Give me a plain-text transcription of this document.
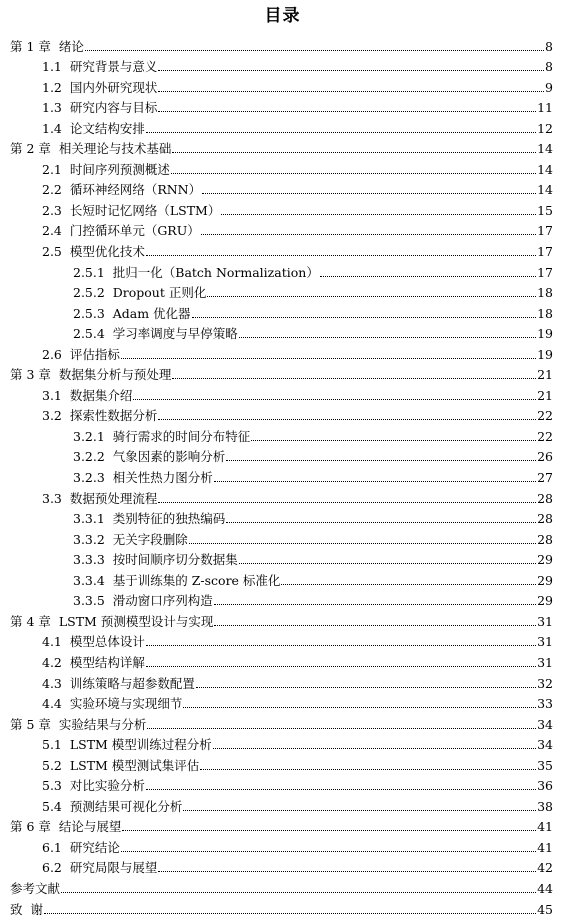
目录
第 1 章  绪论	8
1.1  研究背景与意义	8
1.2  国内外研究现状	9
1.3  研究内容与目标	11
1.4  论文结构安排	12
第 2 章  相关理论与技术基础	14
2.1  时间序列预测概述	14
2.2  循环神经网络（RNN）	14
2.3  长短时记忆网络（LSTM）	15
2.4  门控循环单元（GRU）	17
2.5  模型优化技术	17
2.5.1  批归一化（Batch Normalization）	17
2.5.2  Dropout 正则化	18
2.5.3  Adam 优化器	18
2.5.4  学习率调度与早停策略	19
2.6  评估指标	19
第 3 章  数据集分析与预处理	21
3.1  数据集介绍	21
3.2  探索性数据分析	22
3.2.1  骑行需求的时间分布特征	22
3.2.2  气象因素的影响分析	26
3.2.3  相关性热力图分析	27
3.3  数据预处理流程	28
3.3.1  类别特征的独热编码	28
3.3.2  无关字段删除	28
3.3.3  按时间顺序切分数据集	29
3.3.4  基于训练集的 Z-score 标准化	29
3.3.5  滑动窗口序列构造	29
第 4 章  LSTM 预测模型设计与实现	31
4.1  模型总体设计	31
4.2  模型结构详解	31
4.3  训练策略与超参数配置	32
4.4  实验环境与实现细节	33
第 5 章  实验结果与分析	34
5.1  LSTM 模型训练过程分析	34
5.2  LSTM 模型测试集评估	35
5.3  对比实验分析	36
5.4  预测结果可视化分析	38
第 6 章  结论与展望	41
6.1  研究结论	41
6.2  研究局限与展望	42
参考文献	44
致  谢	45
